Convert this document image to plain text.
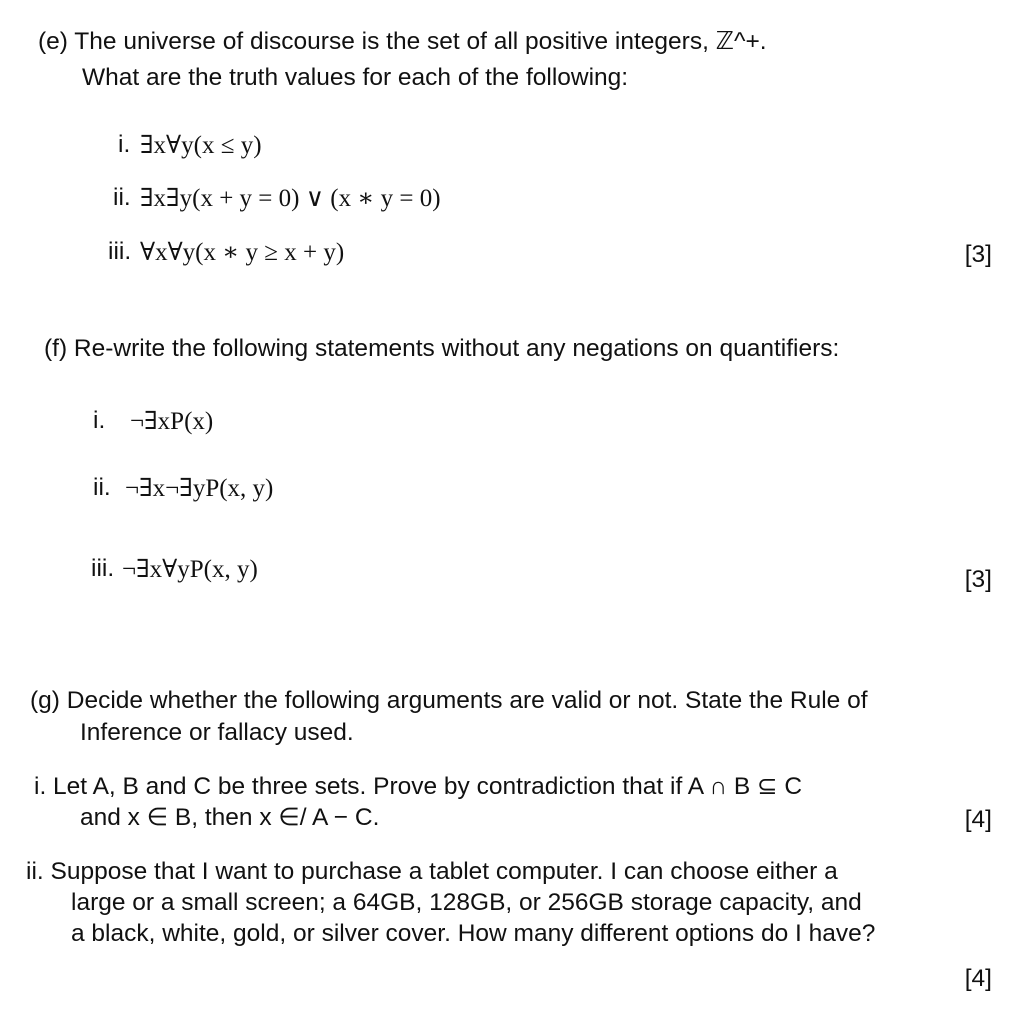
(e) The universe of discourse is the set of all positive integers, ℤ^+.
What are the truth values for each of the following:
i. ∃x∀y(x ≤ y)
ii. ∃x∃y(x + y = 0) ∨ (x ∗ y = 0)
iii. ∀x∀y(x ∗ y ≥ x + y)	[3]
(f) Re-write the following statements without any negations on quantifiers:
i. ¬∃xP(x)
ii. ¬∃x¬∃yP(x, y)
iii. ¬∃x∀yP(x, y)	[3]
(g) Decide whether the following arguments are valid or not. State the Rule of
Inference or fallacy used.
i. Let A, B and C be three sets. Prove by contradiction that if A ∩ B ⊆ C
and x ∈ B, then x ∈/ A − C.	[4]
ii. Suppose that I want to purchase a tablet computer. I can choose either a
large or a small screen; a 64GB, 128GB, or 256GB storage capacity, and
a black, white, gold, or silver cover. How many different options do I have?
[4]
